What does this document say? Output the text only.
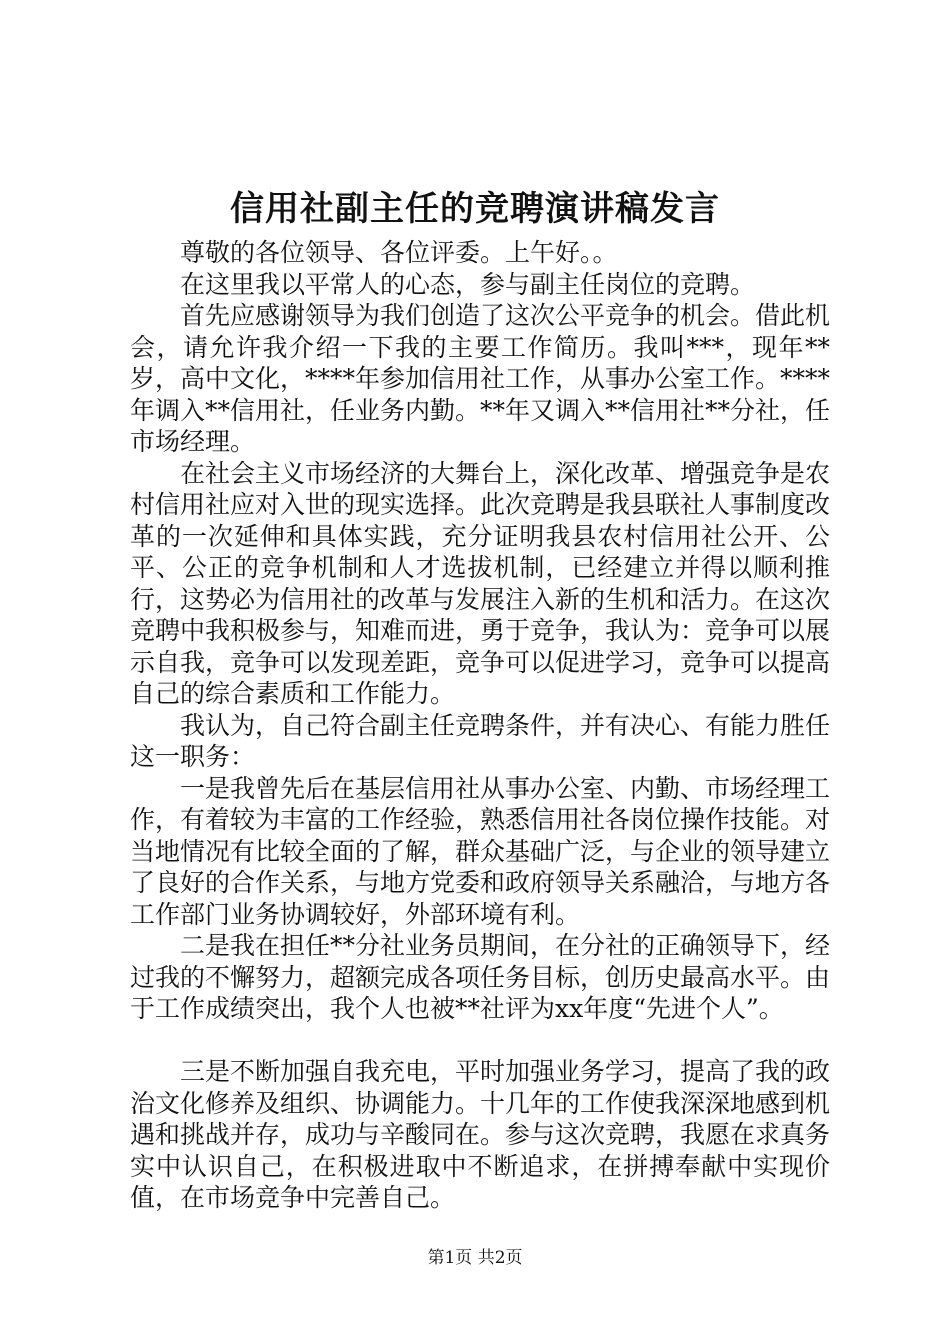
信用社副主任的竞聘演讲稿发言

尊敬的各位领导、各位评委。上午好。。

在这里我以平常人的心态，参与副主任岗位的竞聘。

首先应感谢领导为我们创造了这次公平竞争的机会。借此机会，请允许我介绍一下我的主要工作简历。我叫***，现年**岁，高中文化，****年参加信用社工作，从事办公室工作。****年调入**信用社，任业务内勤。**年又调入**信用社**分社，任市场经理。

在社会主义市场经济的大舞台上，深化改革、增强竞争是农村信用社应对入世的现实选择。此次竞聘是我县联社人事制度改革的一次延伸和具体实践，充分证明我县农村信用社公开、公平、公正的竞争机制和人才选拔机制，已经建立并得以顺利推行，这势必为信用社的改革与发展注入新的生机和活力。在这次竞聘中我积极参与，知难而进，勇于竞争，我认为：竞争可以展示自我，竞争可以发现差距，竞争可以促进学习，竞争可以提高自己的综合素质和工作能力。

我认为，自己符合副主任竞聘条件，并有决心、有能力胜任这一职务：

一是我曾先后在基层信用社从事办公室、内勤、市场经理工作，有着较为丰富的工作经验，熟悉信用社各岗位操作技能。对当地情况有比较全面的了解，群众基础广泛，与企业的领导建立了良好的合作关系，与地方党委和政府领导关系融洽，与地方各工作部门业务协调较好，外部环境有利。

二是我在担任**分社业务员期间，在分社的正确领导下，经过我的不懈努力，超额完成各项任务目标，创历史最高水平。由于工作成绩突出，我个人也被**社评为xx年度“先进个人”。

三是不断加强自我充电，平时加强业务学习，提高了我的政治文化修养及组织、协调能力。十几年的工作使我深深地感到机遇和挑战并存，成功与辛酸同在。参与这次竞聘，我愿在求真务实中认识自己，在积极进取中不断追求，在拼搏奉献中实现价值，在市场竞争中完善自己。

第1页 共2页
